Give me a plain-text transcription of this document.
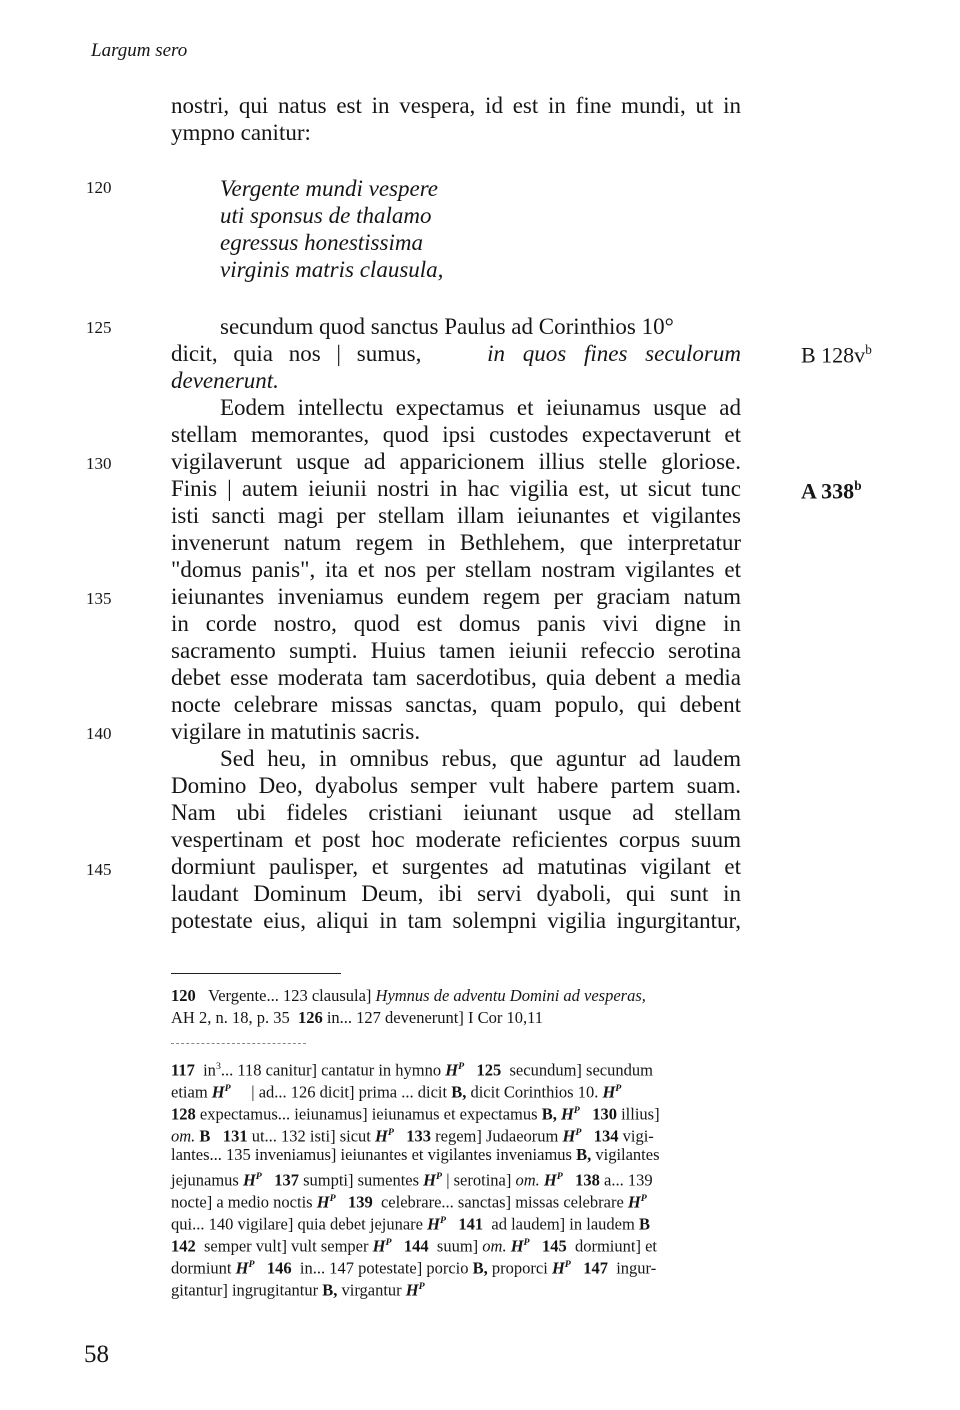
Largum sero
58
120
125
130
135
140
145
B $128v^b$
A 338$^b$
nostri, qui natus est in vespera, id est in fine mundi, ut in
ympno canitur:
Vergente mundi vespere
uti sponsus de thalamo
egressus honestissima
virginis matris clausula,
secundum quod sanctus Paulus ad Corinthios 10°
dicit, quia nos | sumus,	in quos fines seculorum
devenerunt.
Eodem intellectu expectamus et ieiunamus usque ad
stellam memorantes, quod ipsi custodes expectaverunt et
vigilaverunt usque ad apparicionem illius stelle gloriose.
Finis | autem ieiunii nostri in hac vigilia est, ut sicut tunc
isti sancti magi per stellam illam ieiunantes et vigilantes
invenerunt natum regem in Bethlehem, que interpretatur
"domus panis", ita et nos per stellam nostram vigilantes et
ieiunantes inveniamus eundem regem per graciam natum
in corde nostro, quod est domus panis vivi digne in
sacramento sumpti. Huius tamen ieiunii refeccio serotina
debet esse moderata tam sacerdotibus, quia debent a media
nocte celebrare missas sanctas, quam populo, qui debent
vigilare in matutinis sacris.
Sed heu, in omnibus rebus, que aguntur ad laudem
Domino Deo, dyabolus semper vult habere partem suam.
Nam ubi fideles cristiani ieiunant usque ad stellam
vespertinam et post hoc moderate reficientes corpus suum
dormiunt paulisper, et surgentes ad matutinas vigilant et
laudant Dominum Deum, ibi servi dyaboli, qui sunt in
potestate eius, aliqui in tam solempni vigilia ingurgitantur,
120 Vergente... 123 clausula] Hymnus de adventu Domini ad vesperas,
AH 2, n. 18, p. 35 126 in... 127 devenerunt] I Cor 10,11
117 $in^3$... 118 canitur] cantatur in hymno $H^P$ 125 secundum] secundum
etiam $H^P$ | ad... 126 dicit] prima ... dicit B, dicit Corinthios 10. $H^P$
128 expectamus... ieiunamus] ieiunamus et expectamus B, $H^P$ 130 illius]
om. B 131 ut... 132 isti] sicut $H^P$ 133 regem] Judaeorum $H^P$ 134 vigi-
lantes... 135 inveniamus] ieiunantes et vigilantes inveniamus B, vigilantes
jejunamus $H^P$ 137 sumpti] sumentes $H^P$ | serotina] om. $H^P$ 138 a... 139
nocte] a medio noctis $H^P$ 139 celebrare... sanctas] missas celebrare $H^P$
qui... 140 vigilare] quia debet jejunare $H^P$ 141 ad laudem] in laudem B
142 semper vult] vult semper $H^P$ 144 suum] om. $H^P$ 145 dormiunt] et
dormiunt $H^P$ 146 in... 147 potestate] porcio B, proporci $H^P$ 147 ingur-
gitantur] ingrugitantur B, virgantur $H^P$
